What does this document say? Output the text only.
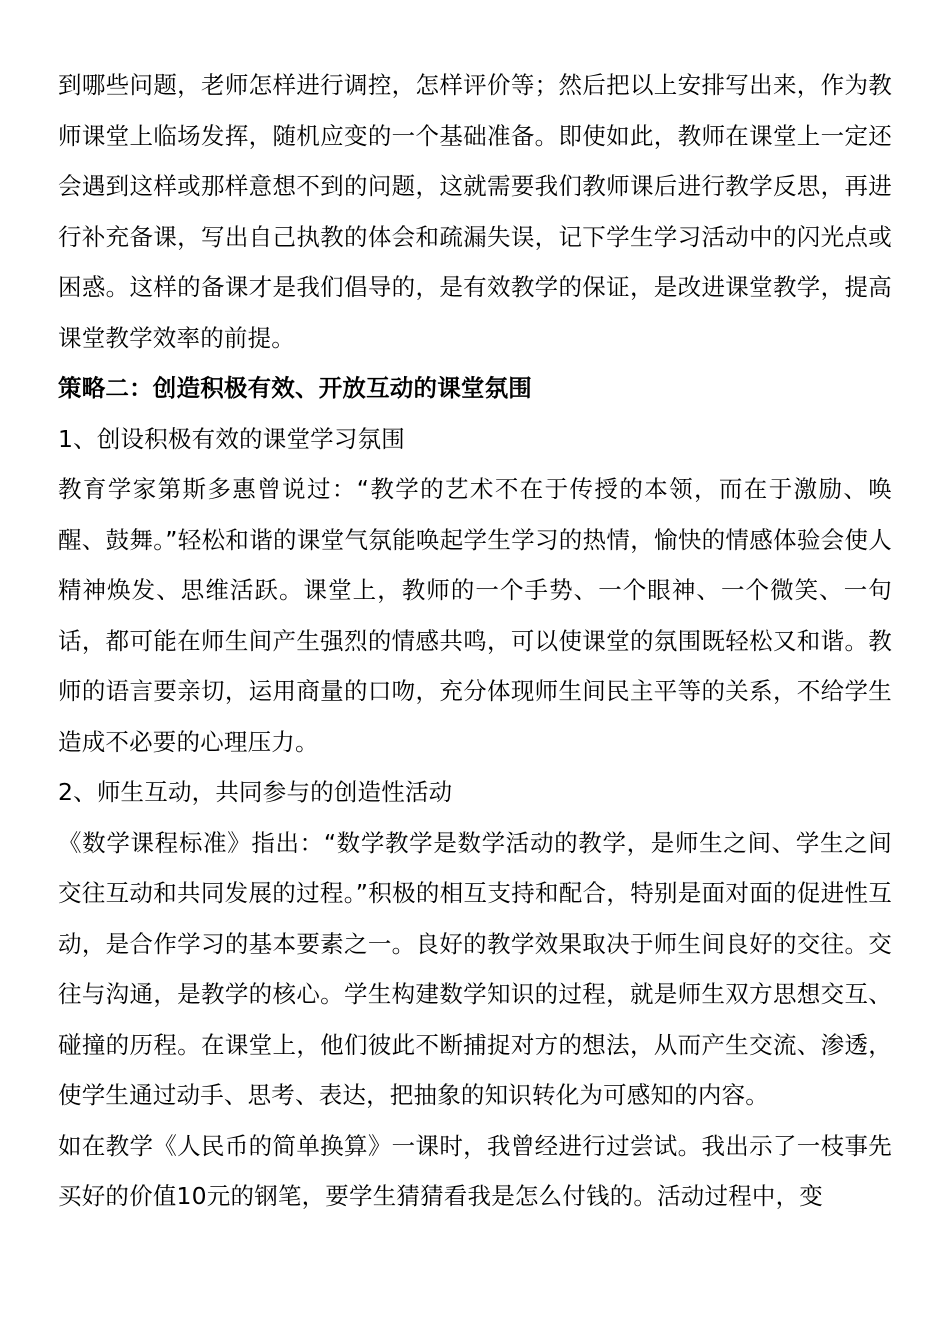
到哪些问题，老师怎样进行调控，怎样评价等；然后把以上安排写出来，作为教师课堂上临场发挥，随机应变的一个基础准备。即使如此，教师在课堂上一定还会遇到这样或那样意想不到的问题，这就需要我们教师课后进行教学反思，再进行补充备课，写出自己执教的体会和疏漏失误，记下学生学习活动中的闪光点或困惑。这样的备课才是我们倡导的，是有效教学的保证，是改进课堂教学，提高课堂教学效率的前提。

策略二：创造积极有效、开放互动的课堂氛围

1、创设积极有效的课堂学习氛围

教育学家第斯多惠曾说过：“教学的艺术不在于传授的本领，而在于激励、唤醒、鼓舞。”轻松和谐的课堂气氛能唤起学生学习的热情，愉快的情感体验会使人精神焕发、思维活跃。课堂上，教师的一个手势、一个眼神、一个微笑、一句话，都可能在师生间产生强烈的情感共鸣，可以使课堂的氛围既轻松又和谐。教师的语言要亲切，运用商量的口吻，充分体现师生间民主平等的关系，不给学生造成不必要的心理压力。

2、师生互动，共同参与的创造性活动

《数学课程标准》指出：“数学教学是数学活动的教学，是师生之间、学生之间交往互动和共同发展的过程。”积极的相互支持和配合，特别是面对面的促进性互动，是合作学习的基本要素之一。良好的教学效果取决于师生间良好的交往。交往与沟通，是教学的核心。学生构建数学知识的过程，就是师生双方思想交互、碰撞的历程。在课堂上，他们彼此不断捕捉对方的想法，从而产生交流、渗透，使学生通过动手、思考、表达，把抽象的知识转化为可感知的内容。

如在教学《人民币的简单换算》一课时，我曾经进行过尝试。我出示了一枝事先买好的价值10元的钢笔，要学生猜猜看我是怎么付钱的。活动过程中，变
